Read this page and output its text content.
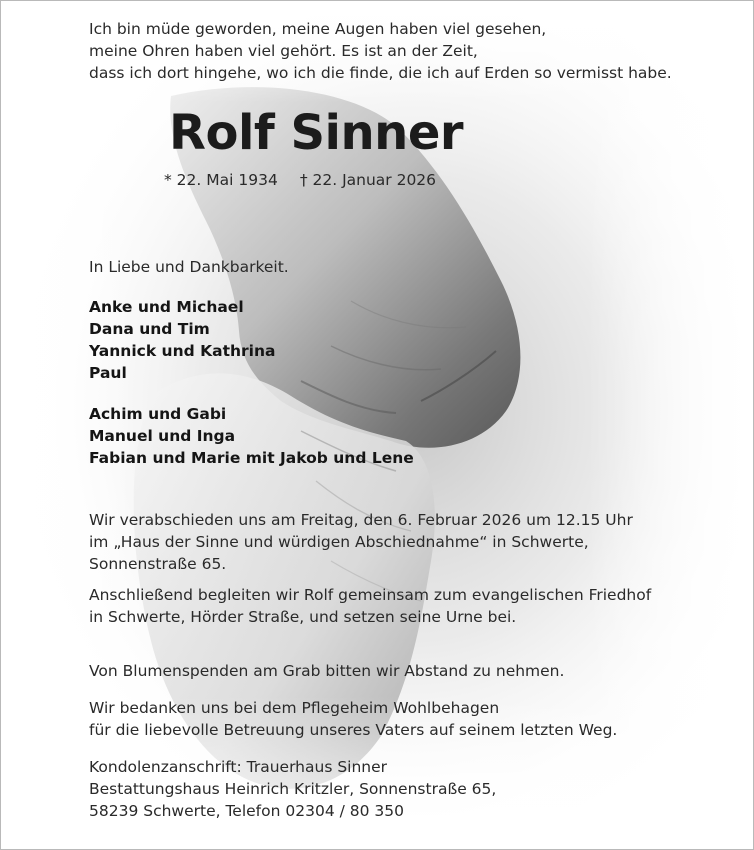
Ich bin müde geworden, meine Augen haben viel gesehen,
meine Ohren haben viel gehört. Es ist an der Zeit,
dass ich dort hingehe, wo ich die finde, die ich auf Erden so vermisst habe.
Rolf Sinner
* 22. Mai 1934 † 22. Januar 2026
In Liebe und Dankbarkeit.
Anke und Michael
Dana und Tim
Yannick und Kathrina
Paul
Achim und Gabi
Manuel und Inga
Fabian und Marie mit Jakob und Lene
Wir verabschieden uns am Freitag, den 6. Februar 2026 um 12.15 Uhr
im „Haus der Sinne und würdigen Abschiednahme“ in Schwerte,
Sonnenstraße 65.
Anschließend begleiten wir Rolf gemeinsam zum evangelischen Friedhof
in Schwerte, Hörder Straße, und setzen seine Urne bei.
Von Blumenspenden am Grab bitten wir Abstand zu nehmen.
Wir bedanken uns bei dem Pflegeheim Wohlbehagen
für die liebevolle Betreuung unseres Vaters auf seinem letzten Weg.
Kondolenzanschrift: Trauerhaus Sinner
Bestattungshaus Heinrich Kritzler, Sonnenstraße 65,
58239 Schwerte, Telefon 02304 / 80 350
